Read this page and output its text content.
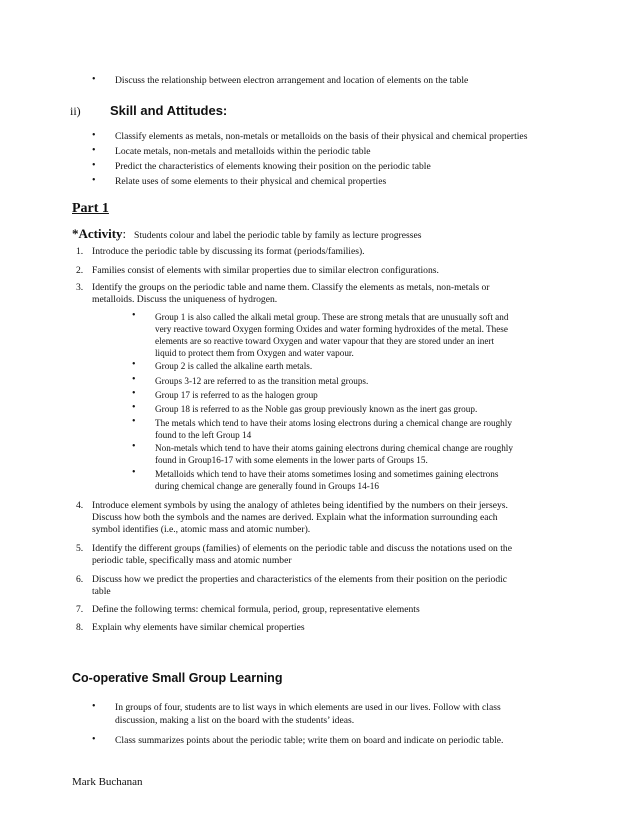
• Discuss the relationship between electron arrangement and location of elements on the table
ii) Skill and Attitudes:
• Classify elements as metals, non-metals or metalloids on the basis of their physical and chemical properties
• Locate metals, non-metals and metalloids within the periodic table
• Predict the characteristics of elements knowing their position on the periodic table
• Relate uses of some elements to their physical and chemical properties
Part 1
*Activity: Students colour and label the periodic table by family as lecture progresses
1. Introduce the periodic table by discussing its format (periods/families).
2. Families consist of elements with similar properties due to similar electron configurations.
3. Identify the groups on the periodic table and name them. Classify the elements as metals, non-metals or
metalloids. Discuss the uniqueness of hydrogen.
• Group 1 is also called the alkali metal group. These are strong metals that are unusually soft and
very reactive toward Oxygen forming Oxides and water forming hydroxides of the metal. These
elements are so reactive toward Oxygen and water vapour that they are stored under an inert
liquid to protect them from Oxygen and water vapour.
• Group 2 is called the alkaline earth metals.
• Groups 3-12 are referred to as the transition metal groups.
• Group 17 is referred to as the halogen group
• Group 18 is referred to as the Noble gas group previously known as the inert gas group.
• The metals which tend to have their atoms losing electrons during a chemical change are roughly
found to the left Group 14
• Non-metals which tend to have their atoms gaining electrons during chemical change are roughly
found in Group16-17 with some elements in the lower parts of Groups 15.
• Metalloids which tend to have their atoms sometimes losing and sometimes gaining electrons
during chemical change are generally found in Groups 14-16
4. Introduce element symbols by using the analogy of athletes being identified by the numbers on their jerseys.
Discuss how both the symbols and the names are derived. Explain what the information surrounding each
symbol identifies (i.e., atomic mass and atomic number).
5. Identify the different groups (families) of elements on the periodic table and discuss the notations used on the
periodic table, specifically mass and atomic number
6. Discuss how we predict the properties and characteristics of the elements from their position on the periodic
table
7. Define the following terms: chemical formula, period, group, representative elements
8. Explain why elements have similar chemical properties
Co-operative Small Group Learning
• In groups of four, students are to list ways in which elements are used in our lives. Follow with class
discussion, making a list on the board with the students’ ideas.
• Class summarizes points about the periodic table; write them on board and indicate on periodic table.
Mark Buchanan
